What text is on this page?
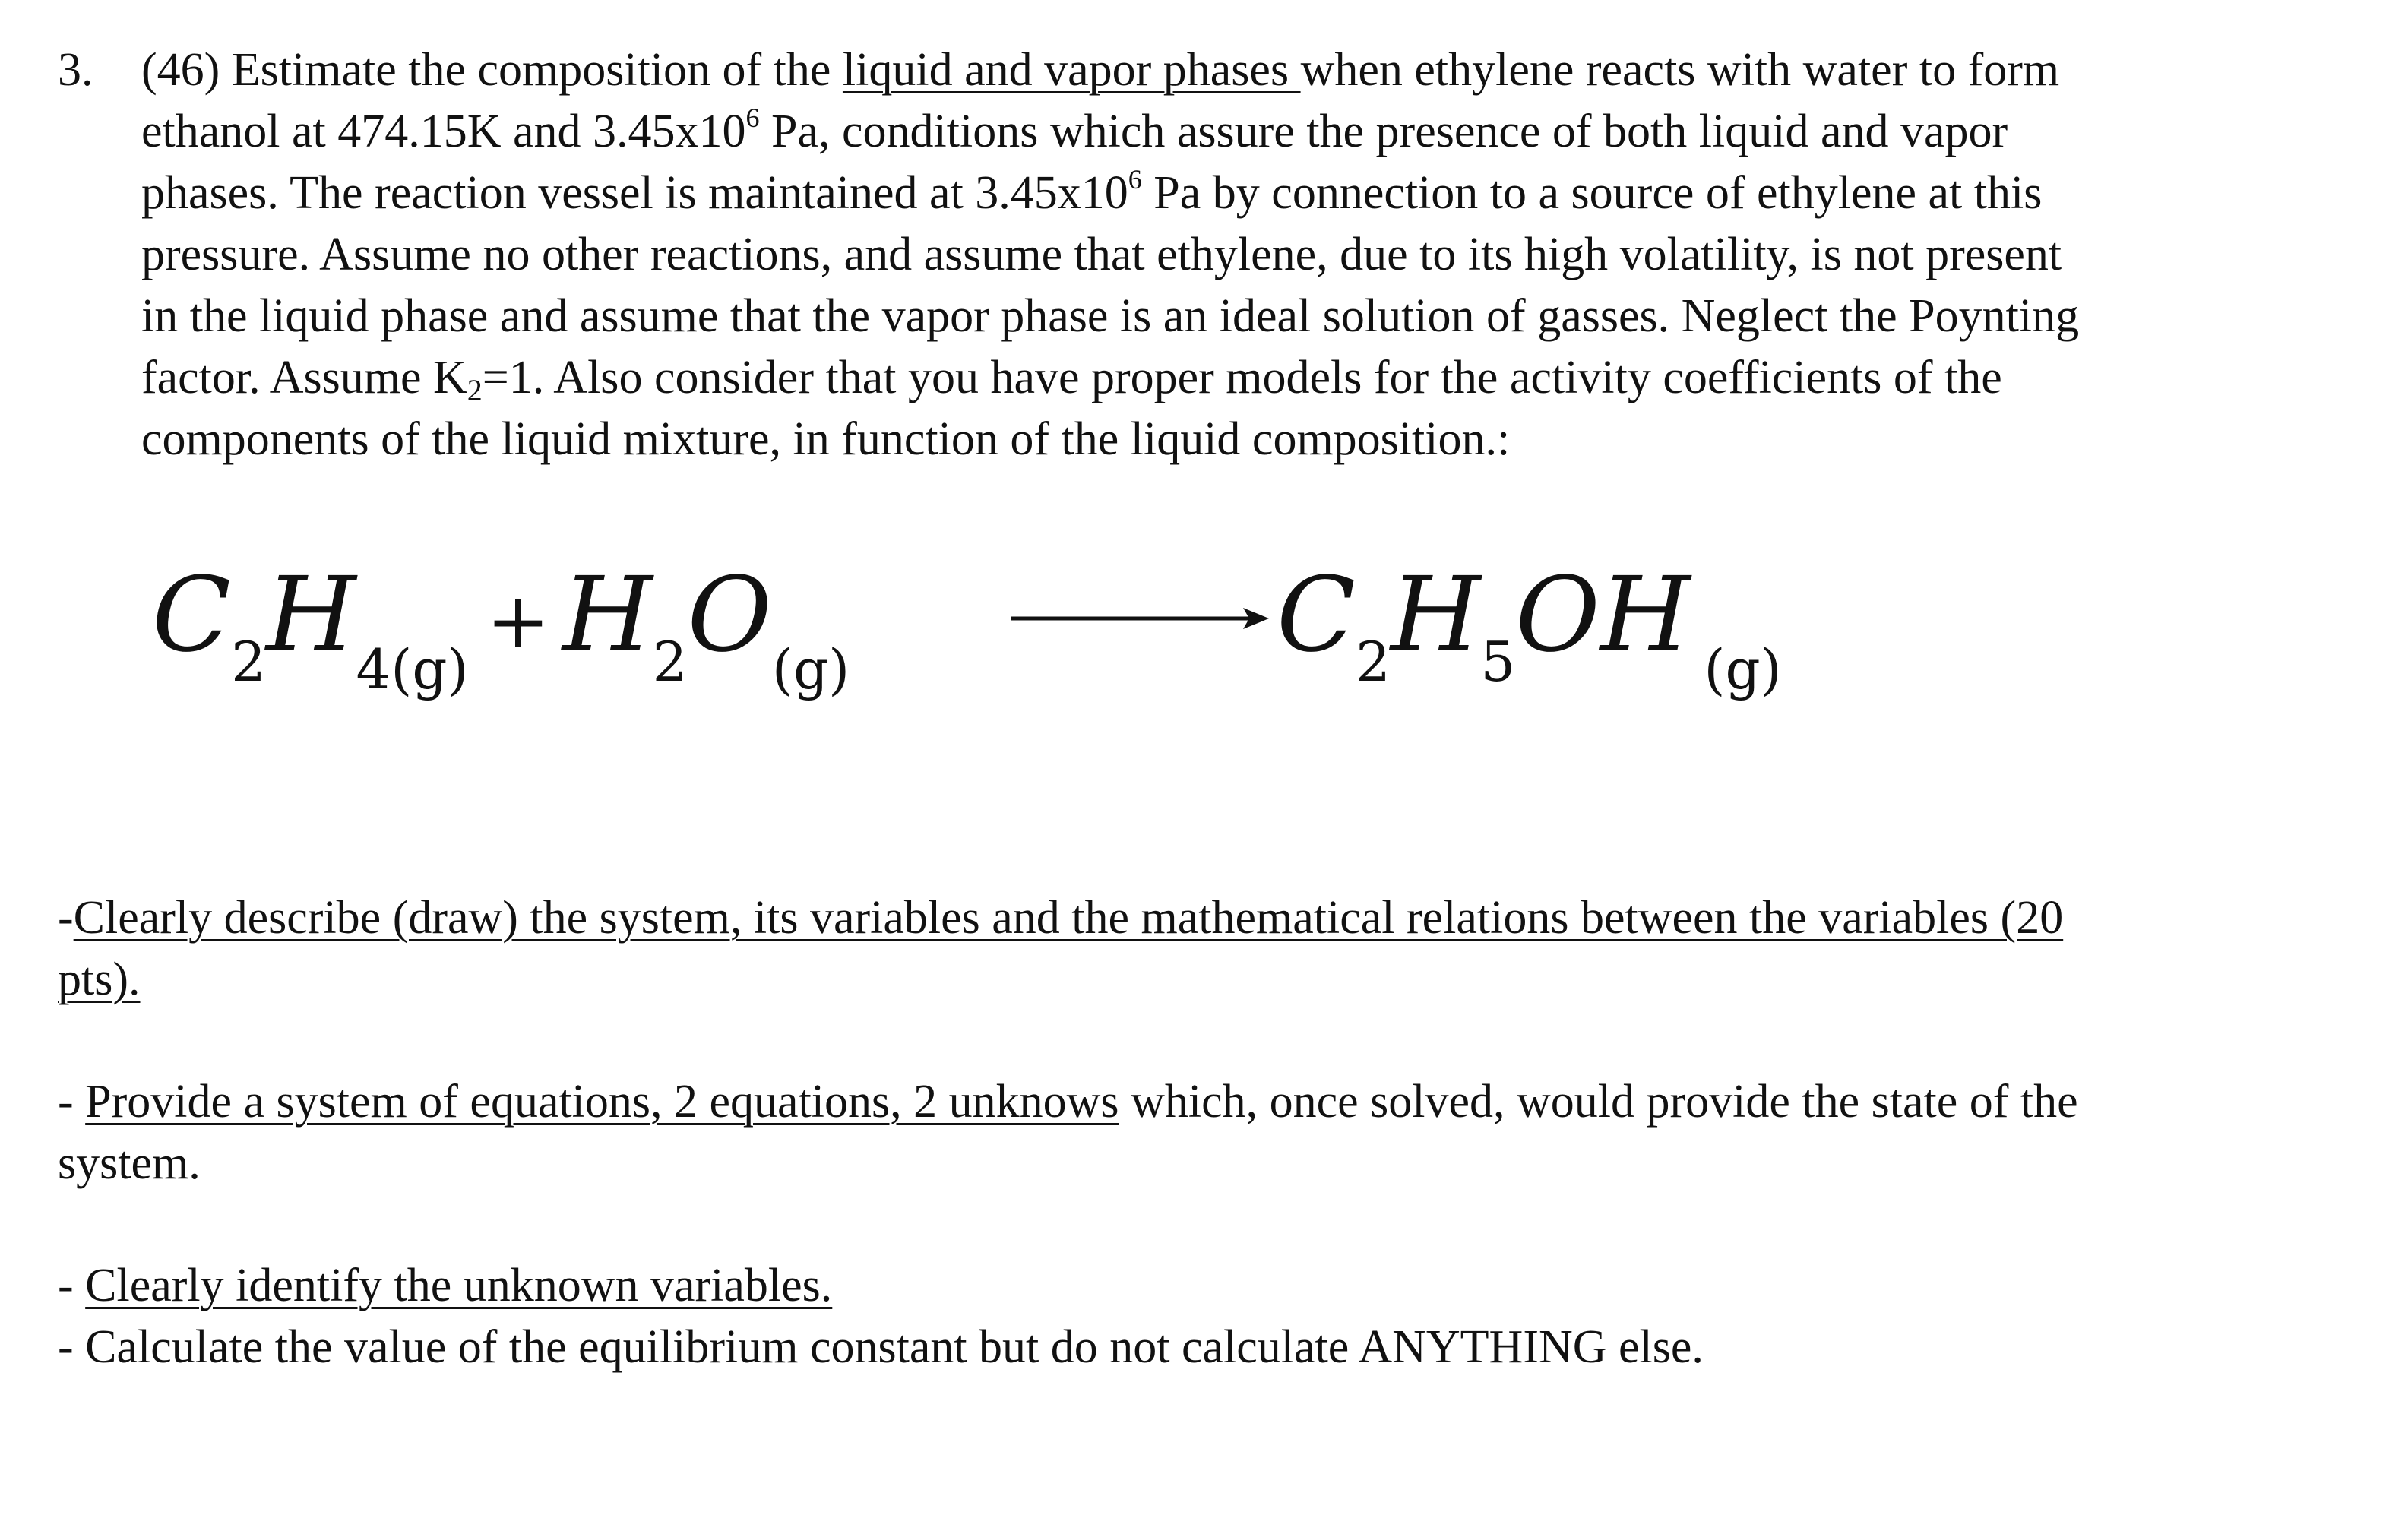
3. (46) Estimate the composition of the liquid and vapor phases when ethylene reacts with water to form
ethanol at 474.15K and $3.45x10^6$ Pa, conditions which assure the presence of both liquid and vapor
phases. The reaction vessel is maintained at $3.45x10^6$ Pa by connection to a source of ethylene at this
pressure. Assume no other reactions, and assume that ethylene, due to its high volatility, is not present
in the liquid phase and assume that the vapor phase is an ideal solution of gasses. Neglect the Poynting
factor. Assume $K_2=1$. Also consider that you have proper models for the activity coefficients of the
components of the liquid mixture, in function of the liquid composition.:
$C_2H_{4(g)}$
+ $H_2O_{(g)}$	$C_2H_5OH$ $_{(g)}$
-Clearly describe (draw) the system, its variables and the mathematical relations between the variables (20
pts).
- Provide a system of equations, 2 equations, 2 unknows which, once solved, would provide the state of the
system.
- Clearly identify the unknown variables.
- Calculate the value of the equilibrium constant but do not calculate ANYTHING else.
